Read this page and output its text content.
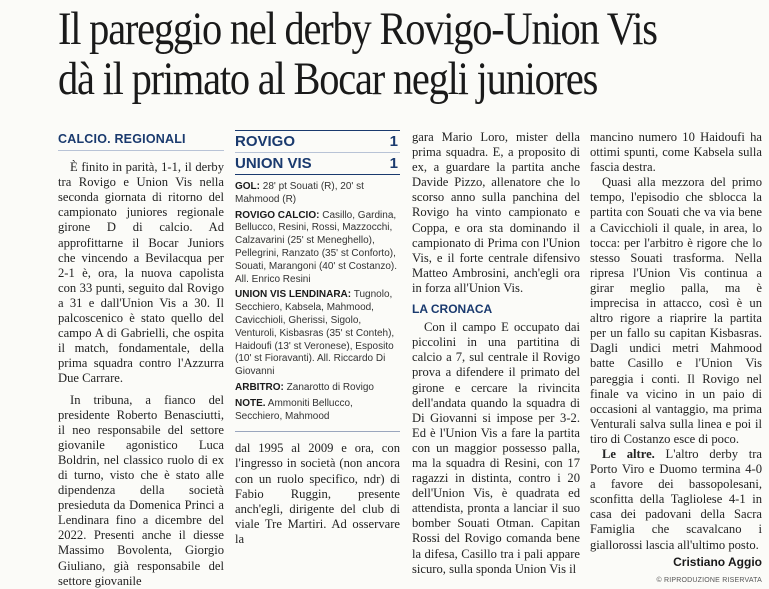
Il pareggio nel derby Rovigo-Union Vis
dà il primato al Bocar negli juniores
CALCIO. REGIONALI

È finito in parità, 1-1, il derby tra Rovigo e Union Vis nella seconda giornata di ritorno del campionato juniores regionale girone D di calcio. Ad approfittarne il Bocar Juniors che vincendo a Bevilacqua per 2-1 è, ora, la nuova capolista con 33 punti, seguito dal Rovigo a 31 e dall'Union Vis a 30. Il palcoscenico è stato quello del campo A di Gabrielli, che ospita il match, fondamentale, della prima squadra contro l'Azzurra Due Carrare.

In tribuna, a fianco del presidente Roberto Benasciutti, il neo responsabile del settore giovanile agonistico Luca Boldrin, nel classico ruolo di ex di turno, visto che è stato alle dipendenza della società presieduta da Domenica Princi a Lendinara fino a dicembre del 2022. Presenti anche il diesse Massimo Bovolenta, Giorgio Giuliano, già responsabile del settore giovanile

ROVIGO	1
UNION VIS	1

GOL: 28' pt Souati (R), 20' st Mahmood (R)

ROVIGO CALCIO: Casillo, Gardina, Bellucco, Resini, Rossi, Mazzocchi, Calzavarini (25' st Meneghello), Pellegrini, Ranzato (35' st Conforto), Souati, Marangoni (40' st Costanzo). All. Enrico Resini

UNION VIS LENDINARA: Tugnolo, Secchiero, Kabsela, Mahmood, Cavicchioli, Gherissi, Sigolo, Venturoli, Kisbasras (35' st Conteh), Haidoufi (13' st Veronese), Esposito (10' st Fioravanti). All. Riccardo Di Giovanni

ARBITRO: Zanarotto di Rovigo

NOTE. Ammoniti Bellucco, Secchiero, Mahmood

dal 1995 al 2009 e ora, con l'ingresso in società (non ancora con un ruolo specifico, ndr) di Fabio Ruggin, presente anch'egli, dirigente del club di viale Tre Martiri. Ad osservare la

gara Mario Loro, mister della prima squadra. E, a proposito di ex, a guardare la partita anche Davide Pizzo, allenatore che lo scorso anno sulla panchina del Rovigo ha vinto campionato e Coppa, e ora sta dominando il campionato di Prima con l'Union Vis, e il forte centrale difensivo Matteo Ambrosini, anch'egli ora in forza all'Union Vis.

LA CRONACA

Con il campo E occupato dai piccolini in una partitina di calcio a 7, sul centrale il Rovigo prova a difendere il primato del girone e cercare la rivincita dell'andata quando la squadra di Di Giovanni si impose per 3-2. Ed è l'Union Vis a fare la partita con un maggior possesso palla, ma la squadra di Resini, con 17 ragazzi in distinta, contro i 20 dell'Union Vis, è quadrata ed attendista, pronta a lanciar il suo bomber Souati Otman. Capitan Rossi del Rovigo comanda bene la difesa, Casillo tra i pali appare sicuro, sulla sponda Union Vis il

mancino numero 10 Haidoufi ha ottimi spunti, come Kabsela sulla fascia destra.

Quasi alla mezzora del primo tempo, l'episodio che sblocca la partita con Souati che va via bene a Cavicchioli il quale, in area, lo tocca: per l'arbitro è rigore che lo stesso Souati trasforma. Nella ripresa l'Union Vis continua a girar meglio palla, ma è imprecisa in attacco, così è un altro rigore a riaprire la partita per un fallo su capitan Kisbasras. Dagli undici metri Mahmood batte Casillo e l'Union Vis pareggia i conti. Il Rovigo nel finale va vicino in un paio di occasioni al vantaggio, ma prima Venturali salva sulla linea e poi il tiro di Costanzo esce di poco.

Le altre. L'altro derby tra Porto Viro e Duomo termina 4-0 a favore dei bassopolesani, sconfitta della Tagliolese 4-1 in casa dei padovani della Sacra Famiglia che scavalcano i giallorossi lascia all'ultimo posto.

Cristiano Aggio
© RIPRODUZIONE RISERVATA
